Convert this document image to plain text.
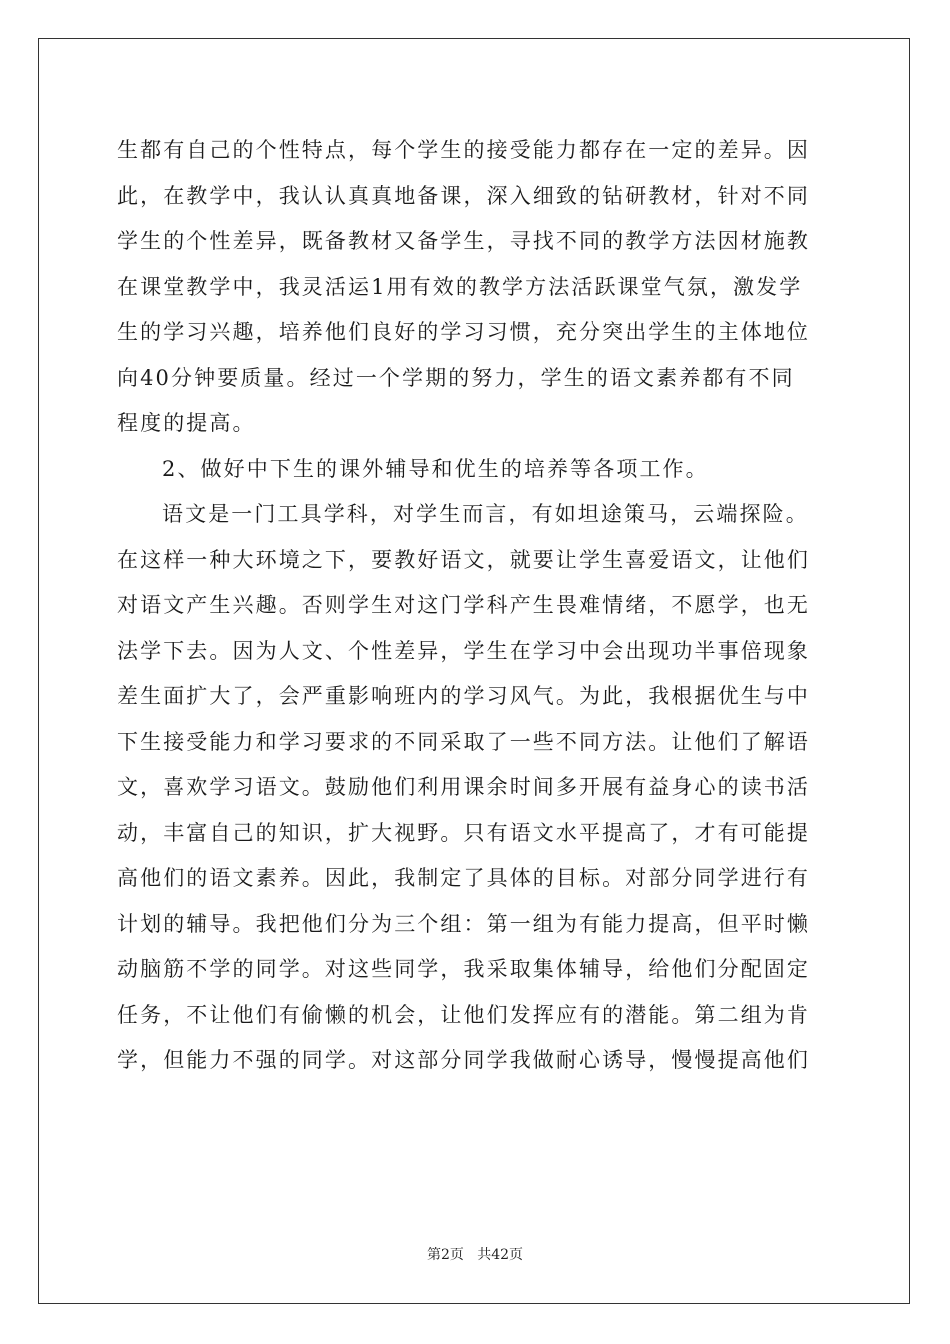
生都有自己的个性特点，每个学生的接受能力都存在一定的差异。因
此，在教学中，我认认真真地备课，深入细致的钻研教材，针对不同
学生的个性差异，既备教材又备学生，寻找不同的教学方法因材施教
在课堂教学中，我灵活运1用有效的教学方法活跃课堂气氛，激发学
生的学习兴趣，培养他们良好的学习习惯，充分突出学生的主体地位
向40分钟要质量。经过一个学期的努力，学生的语文素养都有不同
程度的提高。
2、做好中下生的课外辅导和优生的培养等各项工作。
语文是一门工具学科，对学生而言，有如坦途策马，云端探险。
在这样一种大环境之下，要教好语文，就要让学生喜爱语文，让他们
对语文产生兴趣。否则学生对这门学科产生畏难情绪，不愿学，也无
法学下去。因为人文、个性差异，学生在学习中会出现功半事倍现象
差生面扩大了，会严重影响班内的学习风气。为此，我根据优生与中
下生接受能力和学习要求的不同采取了一些不同方法。让他们了解语
文，喜欢学习语文。鼓励他们利用课余时间多开展有益身心的读书活
动，丰富自己的知识，扩大视野。只有语文水平提高了，才有可能提
高他们的语文素养。因此，我制定了具体的目标。对部分同学进行有
计划的辅导。我把他们分为三个组：第一组为有能力提高，但平时懒
动脑筋不学的同学。对这些同学，我采取集体辅导，给他们分配固定
任务，不让他们有偷懒的机会，让他们发挥应有的潜能。第二组为肯
学，但能力不强的同学。对这部分同学我做耐心诱导，慢慢提高他们
第2页   共42页
